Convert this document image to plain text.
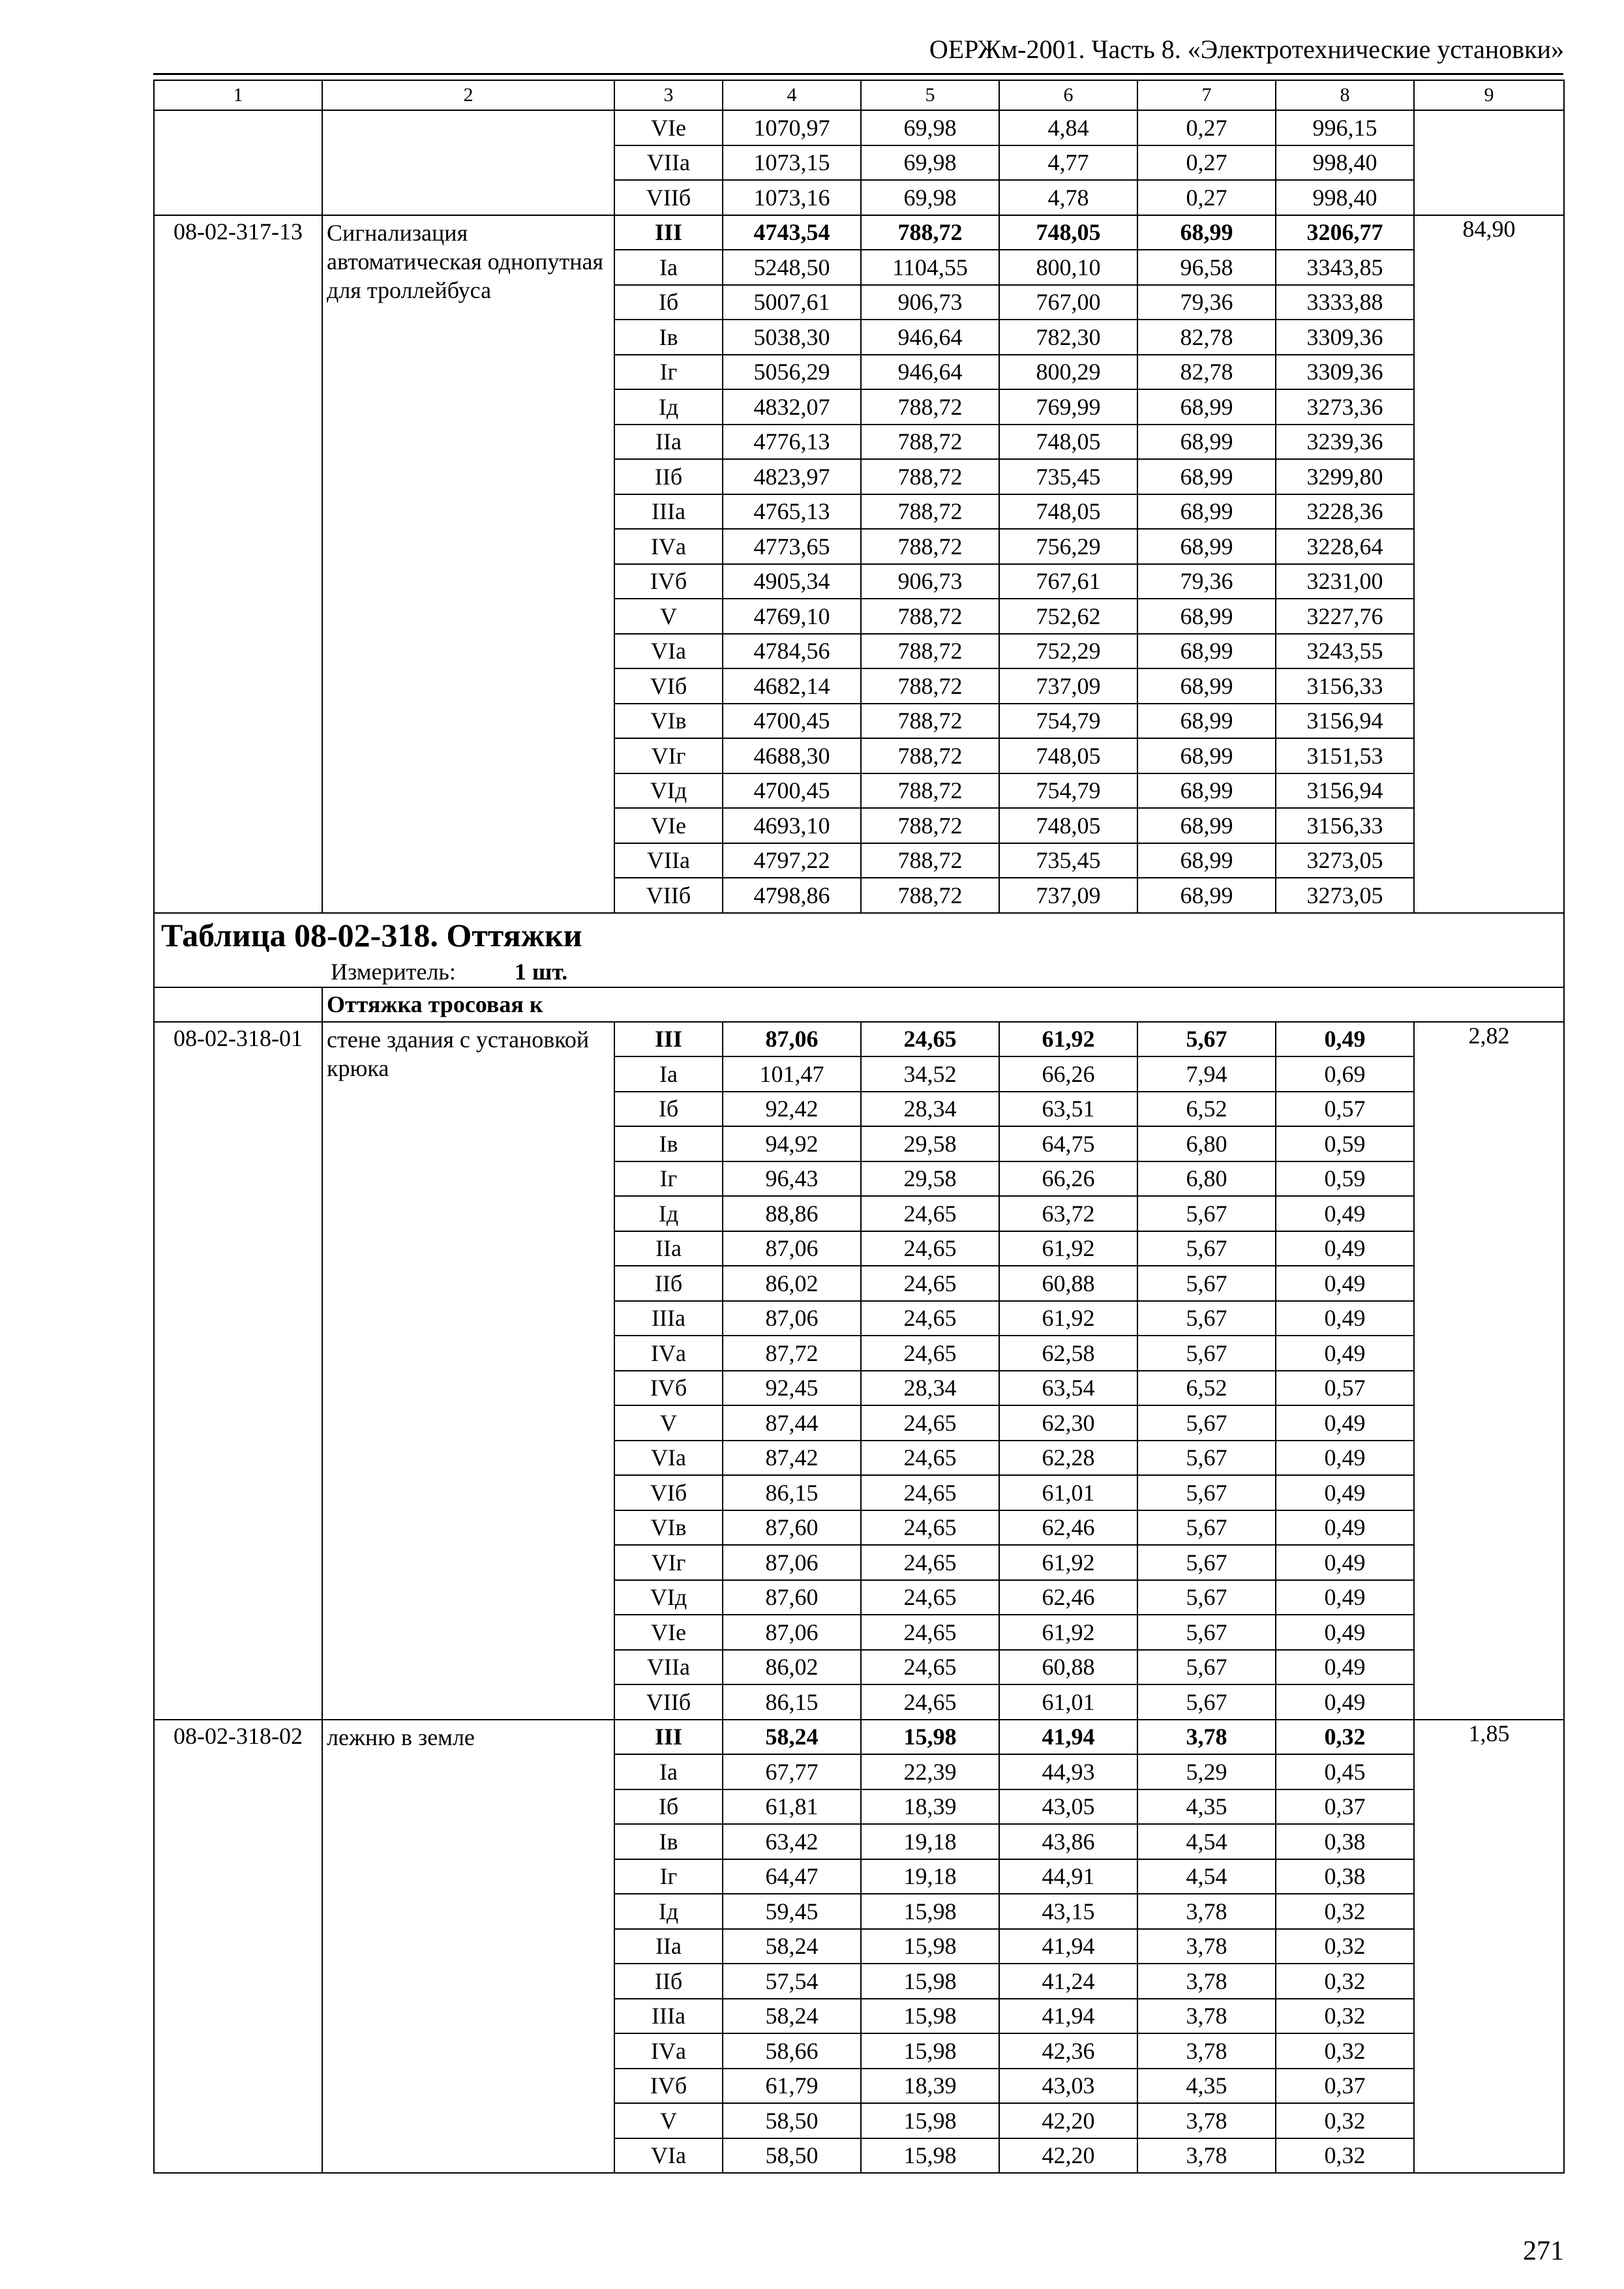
ОЕРЖм-2001. Часть 8. «Электротехнические установки»
1	2	3	4	5	6	7	8	9
		VIе	1070,97	69,98	4,84	0,27	996,15	
		VIIа	1073,15	69,98	4,77	0,27	998,40	
		VIIб	1073,16	69,98	4,78	0,27	998,40	
08-02-317-13	Сигнализация автоматическая однопутная для троллейбуса	III	4743,54	788,72	748,05	68,99	3206,77	84,90
		Iа	5248,50	1104,55	800,10	96,58	3343,85	
		Iб	5007,61	906,73	767,00	79,36	3333,88	
		Iв	5038,30	946,64	782,30	82,78	3309,36	
		Iг	5056,29	946,64	800,29	82,78	3309,36	
		Iд	4832,07	788,72	769,99	68,99	3273,36	
		IIа	4776,13	788,72	748,05	68,99	3239,36	
		IIб	4823,97	788,72	735,45	68,99	3299,80	
		IIIа	4765,13	788,72	748,05	68,99	3228,36	
		IVа	4773,65	788,72	756,29	68,99	3228,64	
		IVб	4905,34	906,73	767,61	79,36	3231,00	
		V	4769,10	788,72	752,62	68,99	3227,76	
		VIа	4784,56	788,72	752,29	68,99	3243,55	
		VIб	4682,14	788,72	737,09	68,99	3156,33	
		VIв	4700,45	788,72	754,79	68,99	3156,94	
		VIг	4688,30	788,72	748,05	68,99	3151,53	
		VIд	4700,45	788,72	754,79	68,99	3156,94	
		VIе	4693,10	788,72	748,05	68,99	3156,33	
		VIIа	4797,22	788,72	735,45	68,99	3273,05	
		VIIб	4798,86	788,72	737,09	68,99	3273,05	
Таблица 08-02-318. Оттяжки								
Измеритель: 1 шт.								
	Оттяжка тросовая к							
08-02-318-01	стене здания с установкой крюка	III	87,06	24,65	61,92	5,67	0,49	2,82
		Iа	101,47	34,52	66,26	7,94	0,69	
		Iб	92,42	28,34	63,51	6,52	0,57	
		Iв	94,92	29,58	64,75	6,80	0,59	
		Iг	96,43	29,58	66,26	6,80	0,59	
		Iд	88,86	24,65	63,72	5,67	0,49	
		IIа	87,06	24,65	61,92	5,67	0,49	
		IIб	86,02	24,65	60,88	5,67	0,49	
		IIIа	87,06	24,65	61,92	5,67	0,49	
		IVа	87,72	24,65	62,58	5,67	0,49	
		IVб	92,45	28,34	63,54	6,52	0,57	
		V	87,44	24,65	62,30	5,67	0,49	
		VIа	87,42	24,65	62,28	5,67	0,49	
		VIб	86,15	24,65	61,01	5,67	0,49	
		VIв	87,60	24,65	62,46	5,67	0,49	
		VIг	87,06	24,65	61,92	5,67	0,49	
		VIд	87,60	24,65	62,46	5,67	0,49	
		VIе	87,06	24,65	61,92	5,67	0,49	
		VIIа	86,02	24,65	60,88	5,67	0,49	
		VIIб	86,15	24,65	61,01	5,67	0,49	
08-02-318-02	лежню в земле	III	58,24	15,98	41,94	3,78	0,32	1,85
		Iа	67,77	22,39	44,93	5,29	0,45	
		Iб	61,81	18,39	43,05	4,35	0,37	
		Iв	63,42	19,18	43,86	4,54	0,38	
		Iг	64,47	19,18	44,91	4,54	0,38	
		Iд	59,45	15,98	43,15	3,78	0,32	
		IIа	58,24	15,98	41,94	3,78	0,32	
		IIб	57,54	15,98	41,24	3,78	0,32	
		IIIа	58,24	15,98	41,94	3,78	0,32	
		IVа	58,66	15,98	42,36	3,78	0,32	
		IVб	61,79	18,39	43,03	4,35	0,37	
		V	58,50	15,98	42,20	3,78	0,32	
		VIа	58,50	15,98	42,20	3,78	0,32	
271
